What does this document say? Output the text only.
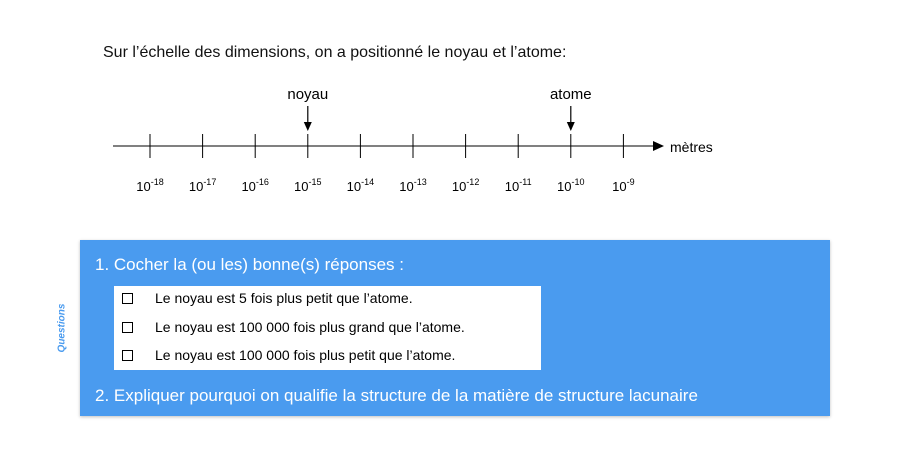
Sur l’échelle des dimensions, on a positionné le noyau et l’atome:
mètres
$10^{-18}$ $10^{-17}$ $10^{-16}$ $10^{-15}$ $10^{-14}$ $10^{-13}$ $10^{-12}$ $10^{-11}$ $10^{-10}$ $10^{-9}$
noyau	atome
Questions
1. Cocher la (ou les) bonne(s) réponses :
Le noyau est 5 fois plus petit que l’atome.
Le noyau est 100 000 fois plus grand que l’atome.
Le noyau est 100 000 fois plus petit que l’atome.
2. Expliquer pourquoi on qualifie la structure de la matière de structure lacunaire
